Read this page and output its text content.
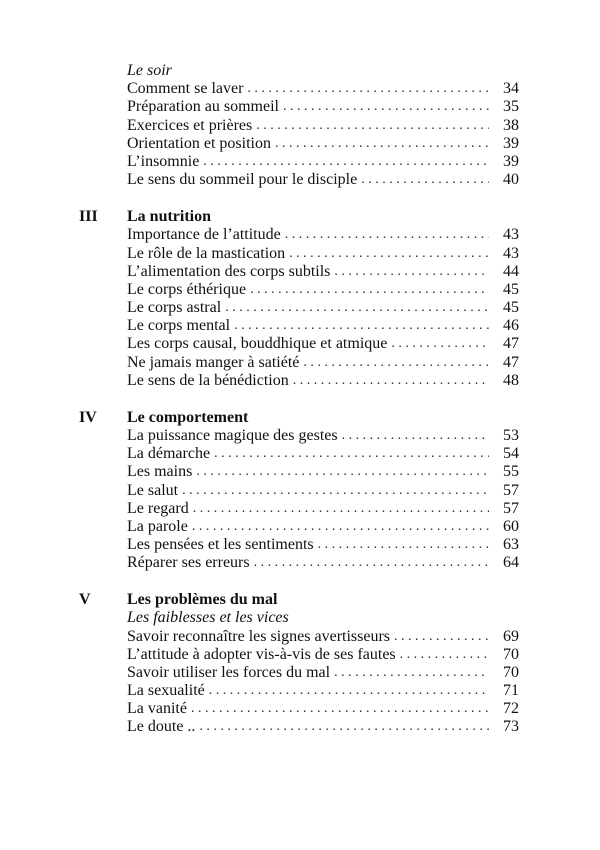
Le soir
Comment se laver . . .	34
Préparation au sommeil . . .	35
Exercices et prières . . .	38
Orientation et position . . .	39
L’insomnie . . .	39
Le sens du sommeil pour le disciple . . .	40
III	La nutrition
Importance de l’attitude . . .	43
Le rôle de la mastication . . .	43
L’alimentation des corps subtils . . .	44
Le corps éthérique . . .	45
Le corps astral . . .	45
Le corps mental . . .	46
Les corps causal, bouddhique et atmique . . .	47
Ne jamais manger à satiété . . .	47
Le sens de la bénédiction . . .	48
IV	Le comportement
La puissance magique des gestes . . .	53
La démarche . . .	54
Les mains . . .	55
Le salut . . .	57
Le regard . . .	57
La parole . . .	60
Les pensées et les sentiments . . .	63
Réparer ses erreurs . . .	64
V	Les problèmes du mal
Les faiblesses et les vices
Savoir reconnaître les signes avertisseurs . . .	69
L’attitude à adopter vis-à-vis de ses fautes . . .	70
Savoir utiliser les forces du mal . . .	70
La sexualité . . .	71
La vanité . . .	72
Le doute .. . . .	73
